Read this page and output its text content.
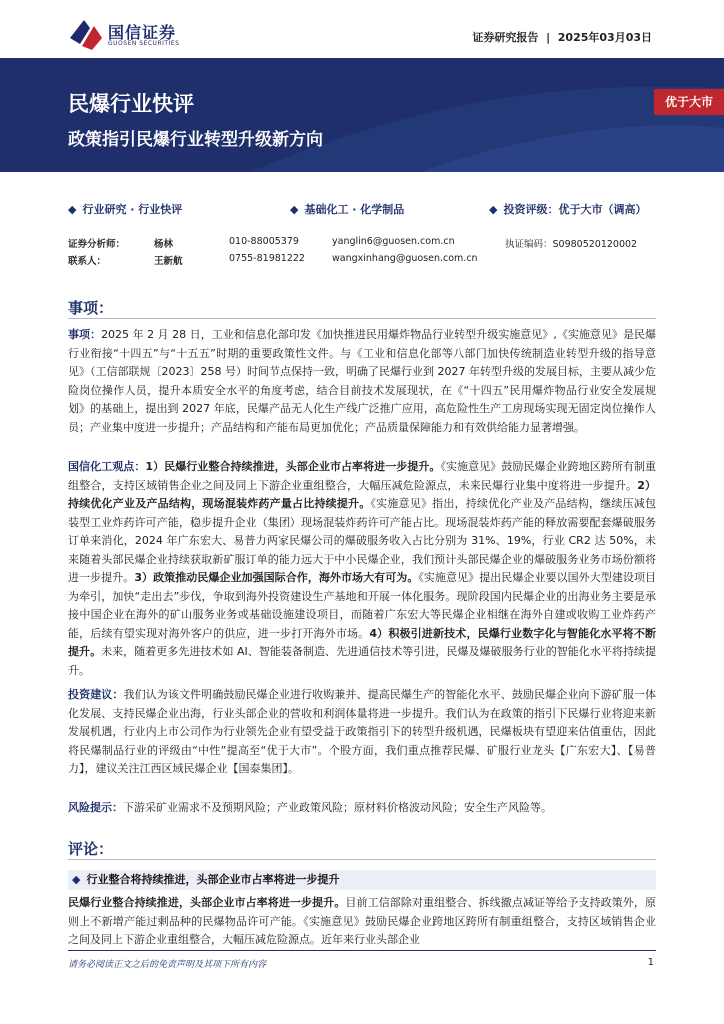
国信证券
GUOSEN SECURITIES	证券研究报告  |  2025年03月03日
民爆行业快评
政策指引民爆行业转型升级新方向
优于大市
◆ 行业研究 · 行业快评	◆ 基础化工 · 化学制品	◆ 投资评级：优于大市（调高）
证券分析师：	杨林	010-88005379	yanglin6@guosen.com.cn	执证编码：S0980520120002
联系人：	王新航	0755-81981222	wangxinhang@guosen.com.cn
事项：
事项：2025 年 2 月 28 日，工业和信息化部印发《加快推进民用爆炸物品行业转型升级实施意见》,《实施意见》是民爆行业衔接“十四五”与“十五五”时期的重要政策性文件。与《工业和信息化部等八部门加快传统制造业转型升级的指导意见》（工信部联规〔2023〕258 号）时间节点保持一致，明确了民爆行业到 2027 年转型升级的发展目标，主要从减少危险岗位操作人员，提升本质安全水平的角度考虑，结合目前技术发展现状，在《“十四五”民用爆炸物品行业安全发展规划》的基础上，提出到 2027 年底，民爆产品无人化生产线广泛推广应用，高危险性生产工房现场实现无固定岗位操作人员；产业集中度进一步提升；产品结构和产能布局更加优化；产品质量保障能力和有效供给能力显著增强。
国信化工观点：1）民爆行业整合持续推进，头部企业市占率将进一步提升。《实施意见》鼓励民爆企业跨地区跨所有制重组整合，支持区域销售企业之间及同上下游企业重组整合，大幅压减危险源点，未来民爆行业集中度将进一步提升。2）持续优化产业及产品结构，现场混装炸药产量占比持续提升。《实施意见》指出，持续优化产业及产品结构，继续压减包装型工业炸药许可产能，稳步提升企业（集团）现场混装炸药许可产能占比。现场混装炸药产能的释放需要配套爆破服务订单来消化，2024 年广东宏大、易普力两家民爆公司的爆破服务收入占比分别为 31%、19%，行业 CR2 达 50%，未来随着头部民爆企业持续获取新矿服订单的能力远大于中小民爆企业，我们预计头部民爆企业的爆破服务业务市场份额将进一步提升。3）政策推动民爆企业加强国际合作，海外市场大有可为。《实施意见》提出民爆企业要以国外大型建设项目为牵引，加快“走出去”步伐，争取到海外投资建设生产基地和开展一体化服务。现阶段国内民爆企业的出海业务主要是承接中国企业在海外的矿山服务业务或基础设施建设项目，而随着广东宏大等民爆企业相继在海外自建或收购工业炸药产能，后续有望实现对海外客户的供应，进一步打开海外市场。4）积极引进新技术，民爆行业数字化与智能化水平将不断提升。未来，随着更多先进技术如 AI、智能装备制造、先进通信技术等引进，民爆及爆破服务行业的智能化水平将持续提升。
投资建议：我们认为该文件明确鼓励民爆企业进行收购兼并、提高民爆生产的智能化水平、鼓励民爆企业向下游矿服一体化发展、支持民爆企业出海，行业头部企业的营收和利润体量将进一步提升。我们认为在政策的指引下民爆行业将迎来新发展机遇，行业内上市公司作为行业领先企业有望受益于政策指引下的转型升级机遇，民爆板块有望迎来估值重估，因此将民爆制品行业的评级由“中性”提高至“优于大市”。个股方面，我们重点推荐民爆、矿服行业龙头【广东宏大】、【易普力】，建议关注江西区域民爆企业【国泰集团】。
风险提示：下游采矿业需求不及预期风险；产业政策风险；原材料价格波动风险；安全生产风险等。
评论：
◆ 行业整合将持续推进，头部企业市占率将进一步提升
民爆行业整合持续推进，头部企业市占率将进一步提升。目前工信部除对重组整合、拆线撤点减证等给予支持政策外，原则上不新增产能过剩品种的民爆物品许可产能。《实施意见》鼓励民爆企业跨地区跨所有制重组整合，支持区域销售企业之间及同上下游企业重组整合，大幅压减危险源点。近年来行业头部企业
请务必阅读正文之后的免责声明及其项下所有内容	1
